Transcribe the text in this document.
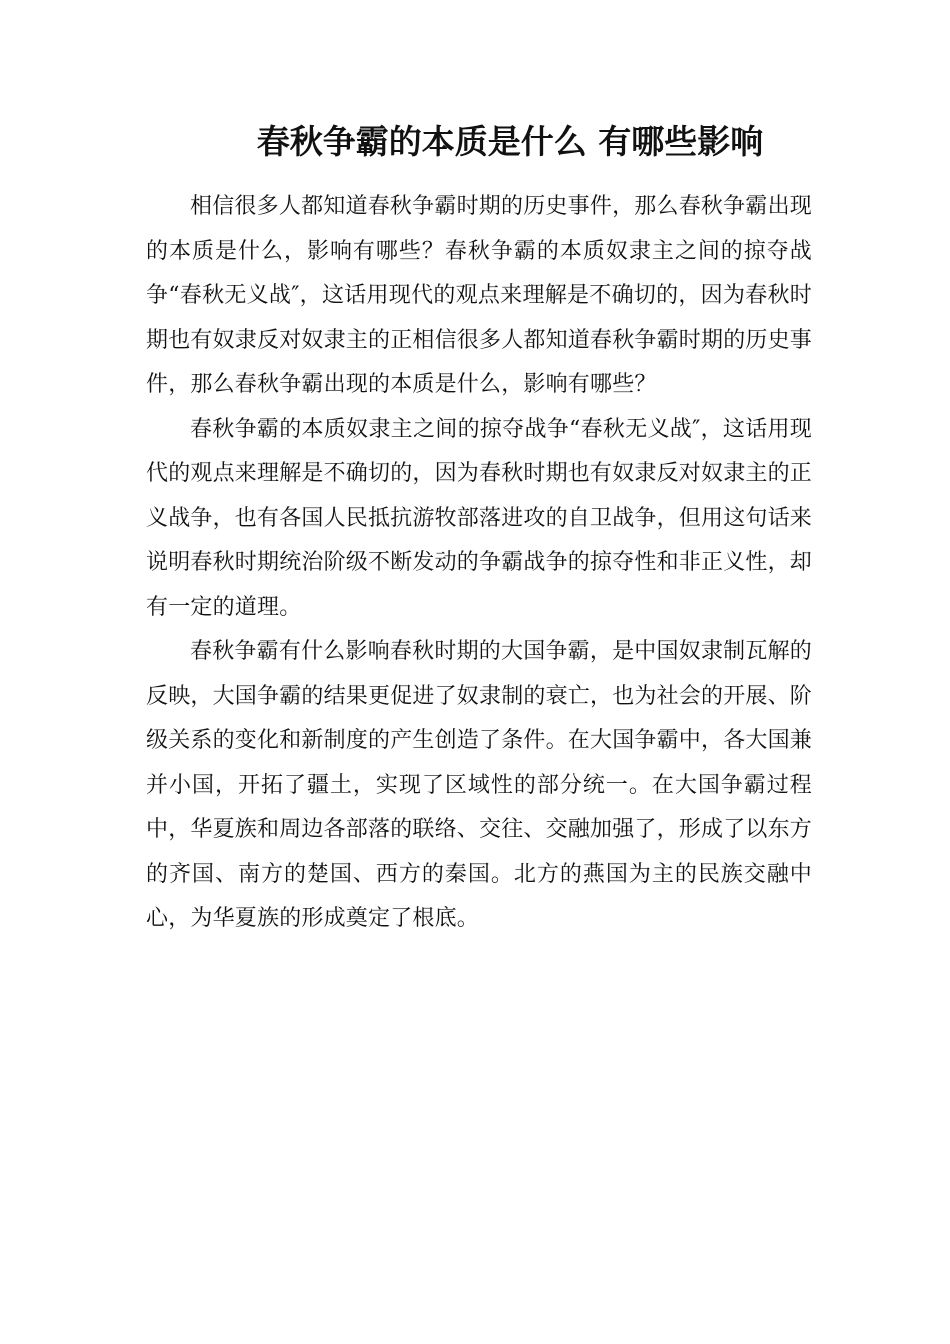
春秋争霸的本质是什么 有哪些影响

相信很多人都知道春秋争霸时期的历史事件，那么春秋争霸出现的本质是什么，影响有哪些？春秋争霸的本质奴隶主之间的掠夺战争“春秋无义战″，这话用现代的观点来理解是不确切的，因为春秋时期也有奴隶反对奴隶主的正相信很多人都知道春秋争霸时期的历史事件，那么春秋争霸出现的本质是什么，影响有哪些？

春秋争霸的本质奴隶主之间的掠夺战争“春秋无义战″，这话用现代的观点来理解是不确切的，因为春秋时期也有奴隶反对奴隶主的正义战争，也有各国人民抵抗游牧部落进攻的自卫战争，但用这句话来说明春秋时期统治阶级不断发动的争霸战争的掠夺性和非正义性，却有一定的道理。

春秋争霸有什么影响春秋时期的大国争霸，是中国奴隶制瓦解的反映，大国争霸的结果更促进了奴隶制的衰亡，也为社会的开展、阶级关系的变化和新制度的产生创造了条件。在大国争霸中，各大国兼并小国，开拓了疆土，实现了区域性的部分统一。在大国争霸过程中，华夏族和周边各部落的联络、交往、交融加强了，形成了以东方的齐国、南方的楚国、西方的秦国。北方的燕国为主的民族交融中心，为华夏族的形成奠定了根底。
